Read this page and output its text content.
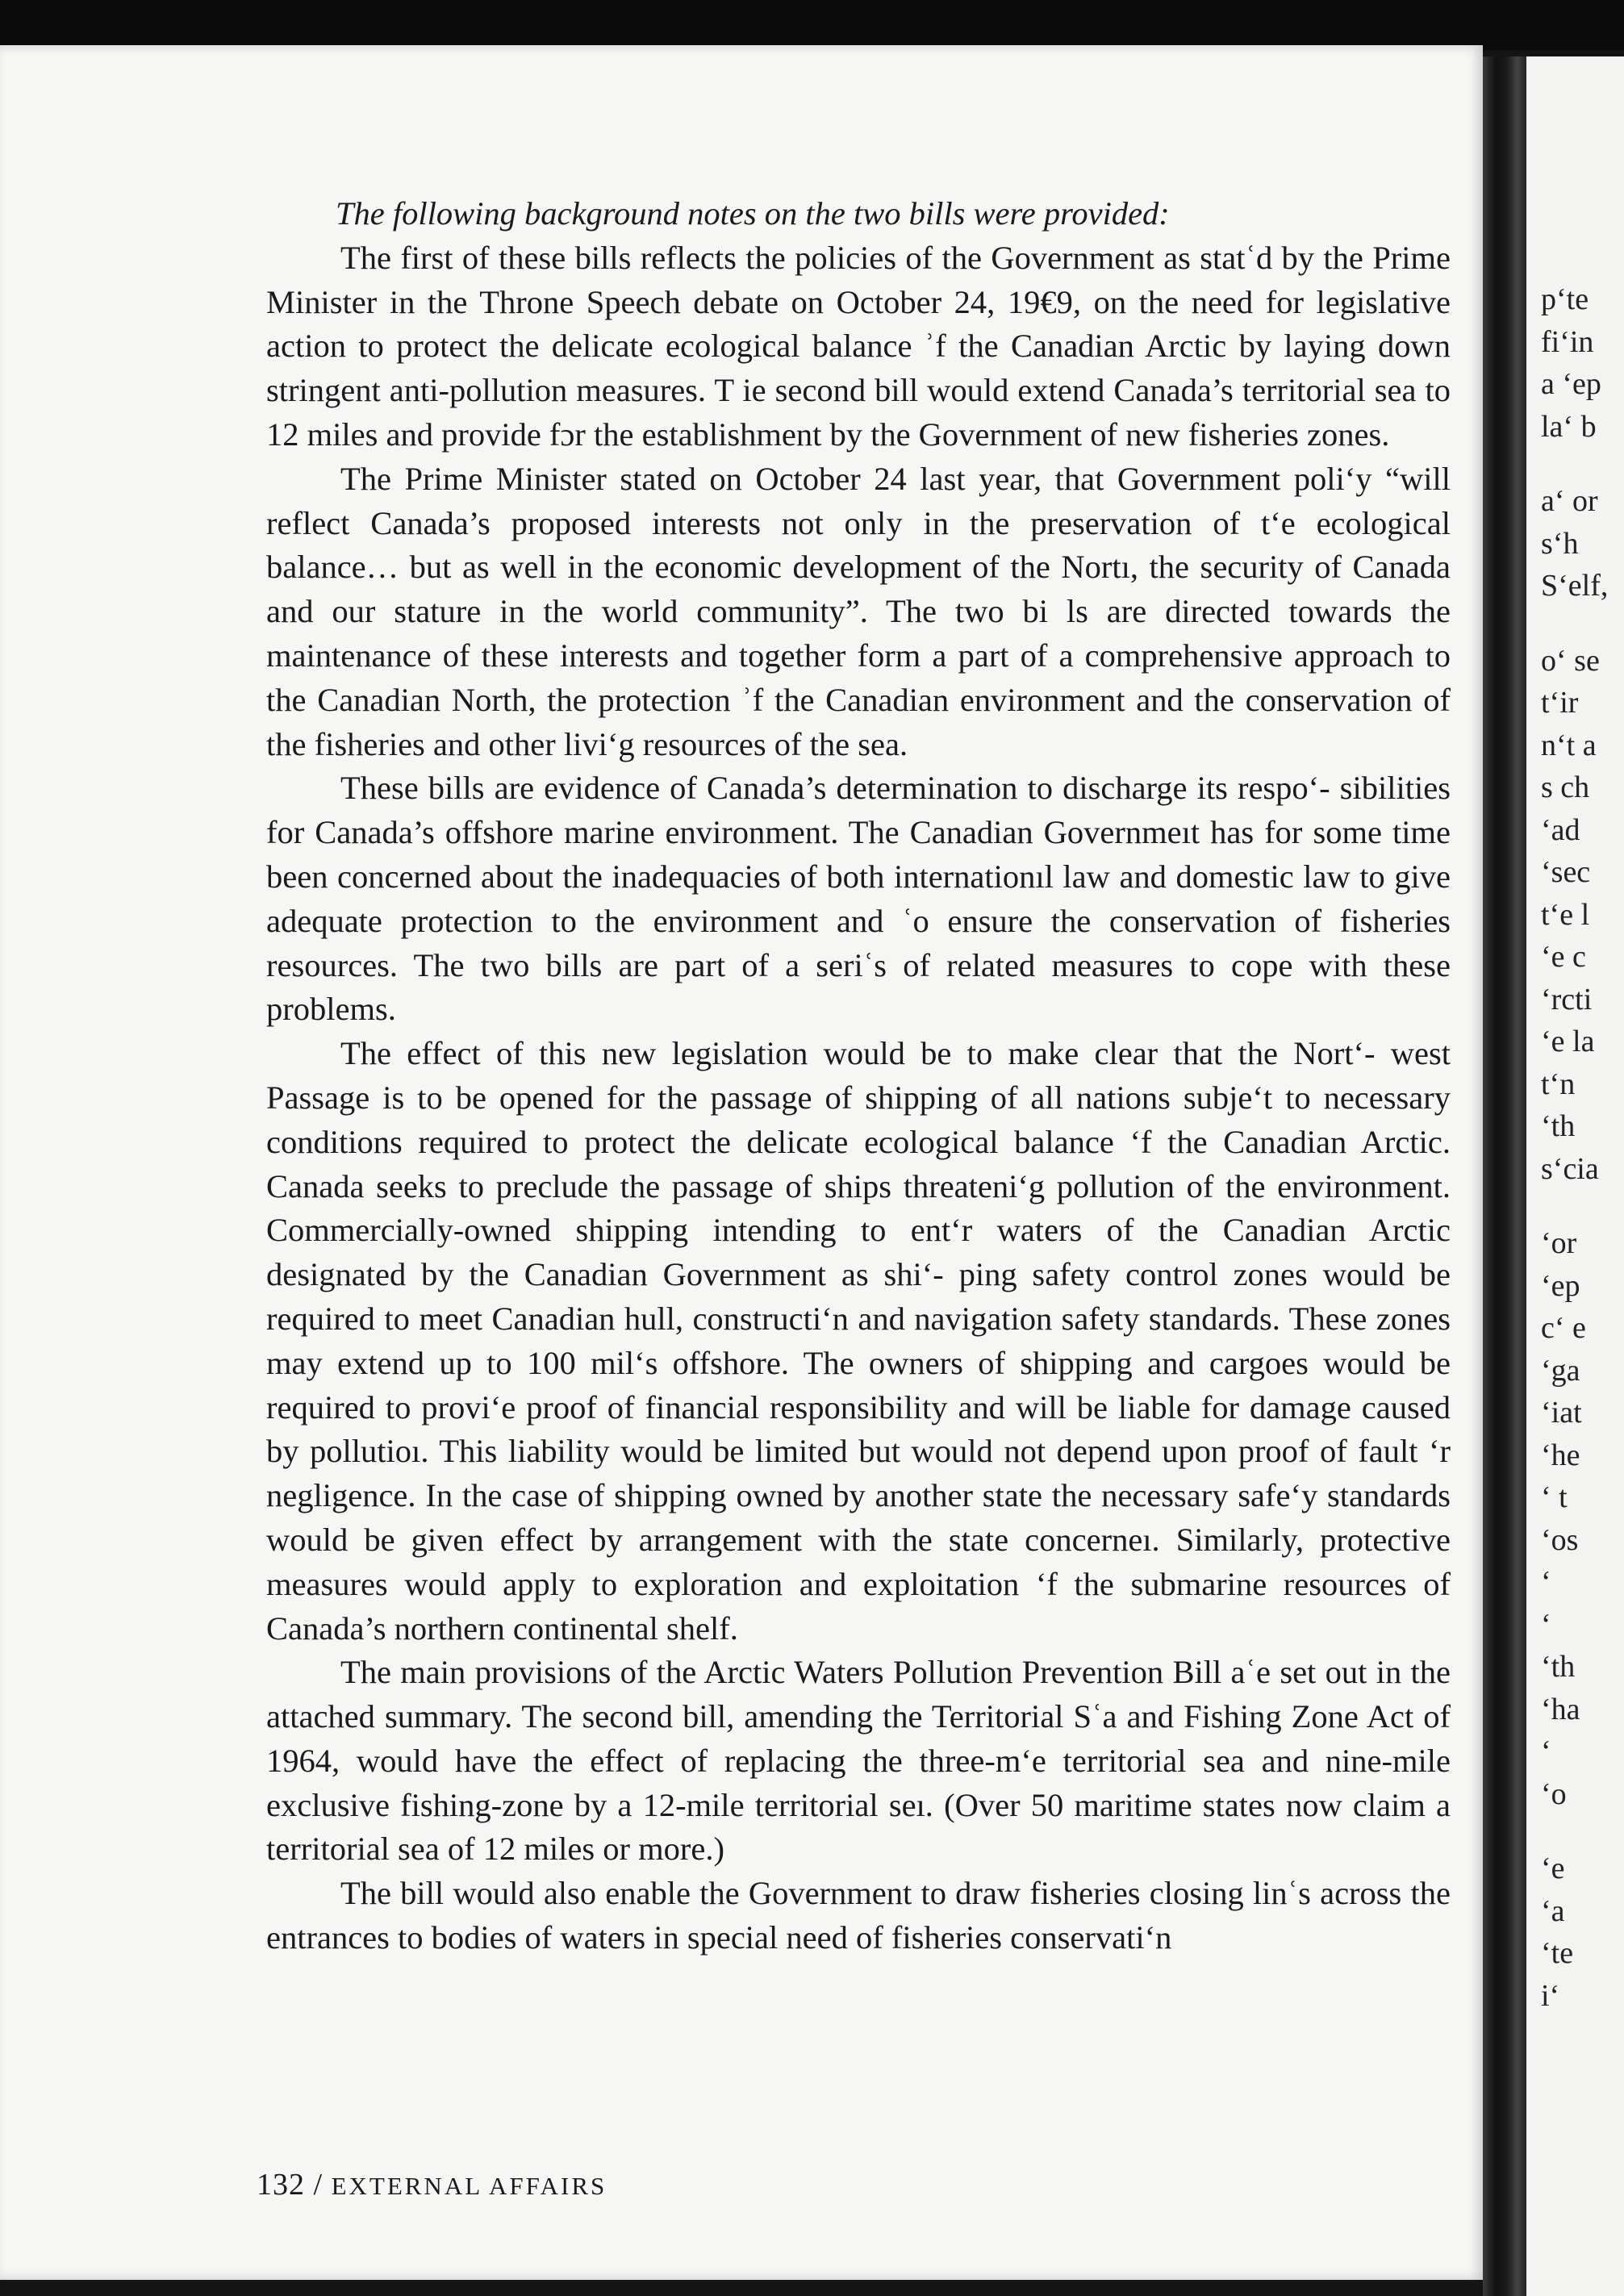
The following background notes on the two bills were provided:

The first of these bills reflects the policies of the Government as statʿd by the Prime Minister in the Throne Speech debate on October 24, 19€9, on the need for legislative action to protect the delicate ecological balance ʾf the Canadian Arctic by laying down stringent anti-pollution measures. T ie second bill would extend Canada’s territorial sea to 12 miles and provide fɔr the establishment by the Government of new fisheries zones.

The Prime Minister stated on October 24 last year, that Government poliʻy “will reflect Canada’s proposed interests not only in the preservation of tʻe ecological balance… but as well in the economic development of the Nortı, the security of Canada and our stature in the world community”. The two bi ls are directed towards the maintenance of these interests and together form a part of a comprehensive approach to the Canadian North, the protection ʾf the Canadian environment and the conservation of the fisheries and other liviʻg resources of the sea.

These bills are evidence of Canada’s determination to discharge its respoʻ- sibilities for Canada’s offshore marine environment. The Canadian Governmeıt has for some time been concerned about the inadequacies of both internationıl law and domestic law to give adequate protection to the environment and ʿo ensure the conservation of fisheries resources. The two bills are part of a seriʿs of related measures to cope with these problems.

The effect of this new legislation would be to make clear that the Nortʻ- west Passage is to be opened for the passage of shipping of all nations subjeʻt to necessary conditions required to protect the delicate ecological balance ʻf the Canadian Arctic. Canada seeks to preclude the passage of ships threateniʻg pollution of the environment. Commercially-owned shipping intending to entʻr waters of the Canadian Arctic designated by the Canadian Government as shiʻ- ping safety control zones would be required to meet Canadian hull, constructiʻn and navigation safety standards. These zones may extend up to 100 milʻs offshore. The owners of shipping and cargoes would be required to proviʻe proof of financial responsibility and will be liable for damage caused by pollutioı. This liability would be limited but would not depend upon proof of fault ʻr negligence. In the case of shipping owned by another state the necessary safeʻy standards would be given effect by arrangement with the state concerneı. Similarly, protective measures would apply to exploration and exploitation ʻf the submarine resources of Canada’s northern continental shelf.

The main provisions of the Arctic Waters Pollution Prevention Bill aʿe set out in the attached summary. The second bill, amending the Territorial Sʿa and Fishing Zone Act of 1964, would have the effect of replacing the three-mʻe territorial sea and nine-mile exclusive fishing-zone by a 12-mile territorial seı. (Over 50 maritime states now claim a territorial sea of 12 miles or more.)

The bill would also enable the Government to draw fisheries closing linʿs across the entrances to bodies of waters in special need of fisheries conservatiʻn

132 / EXTERNAL AFFAIRS
pʻte
fiʻin
a ʻep
laʻ b
aʻ or
sʻh
Sʻelf,
oʻ se
tʻir
nʻt a
s ch
ʻad
ʻsec
tʻe l
ʻe c
ʻrcti
ʻe la
tʻn
ʻth
sʻcia
ʻor
ʻep
cʻ e
ʻga
ʻiat
ʻhe
ʻ t
ʻos
ʻ
ʻ
ʻth
ʻha
ʻ
ʻo
ʻe
ʻa
ʻte
iʻ
